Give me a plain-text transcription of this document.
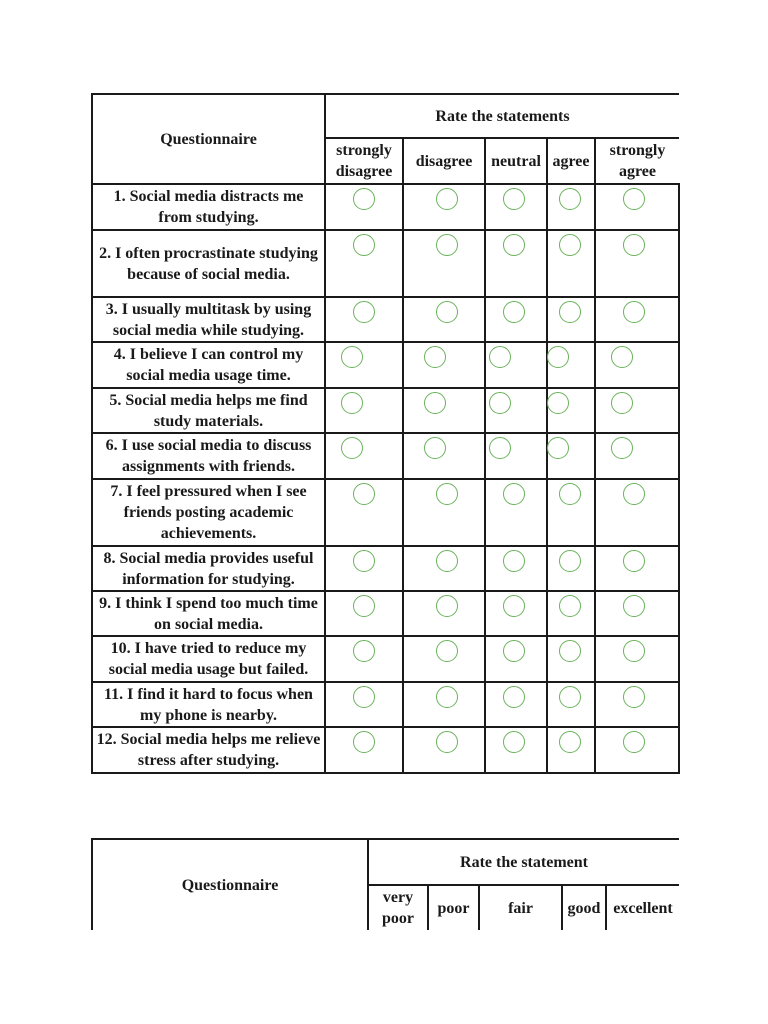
Questionnaire	Rate the statements				
	strongly disagree	disagree	neutral	agree	strongly agree
1. Social media distracts me from studying.	

2. I often procrastinate studying because of social media.	

3. I usually multitask by using social media while studying.	

4. I believe I can control my social media usage time.	

5. Social media helps me find study materials.	

6. I use social media to discuss assignments with friends.	

7. I feel pressured when I see friends posting academic achievements.	

8. Social media provides useful information for studying.	

9. I think I spend too much time on social media.	

10. I have tried to reduce my social media usage but failed.	

11. I find it hard to focus when my phone is nearby.	

12. Social media helps me relieve stress after studying.	

Questionnaire	Rate the statement				
	very poor	poor	fair	good	excellent
